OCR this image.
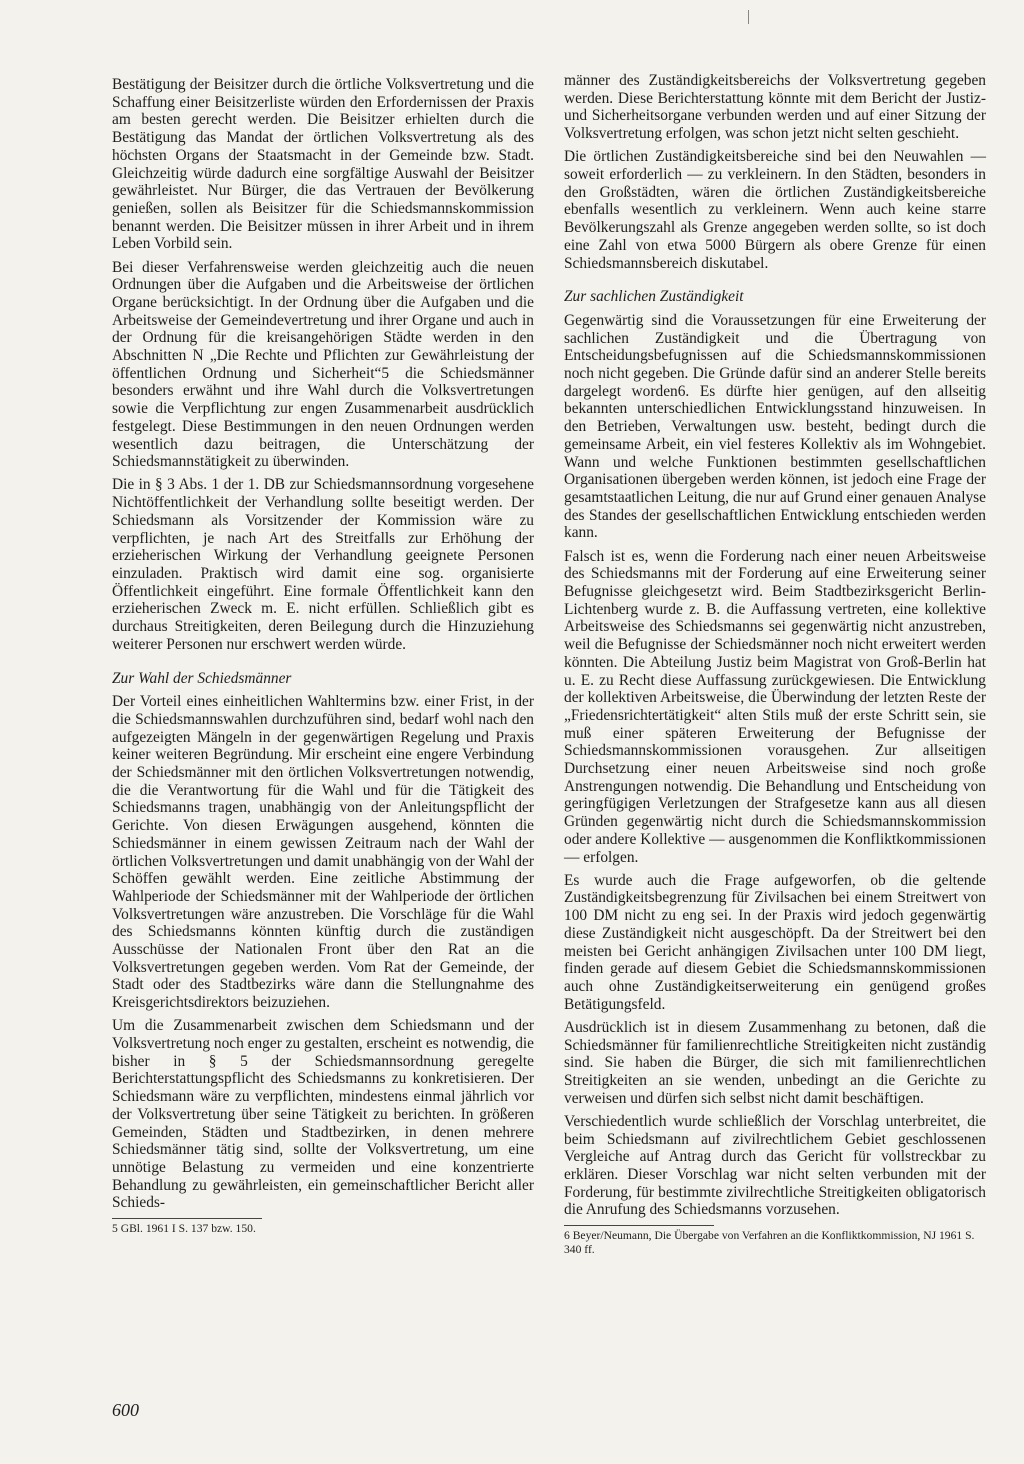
Bestätigung der Beisitzer durch die örtliche Volksvertretung und die Schaffung einer Beisitzerliste würden den Erfordernissen der Praxis am besten gerecht werden. Die Beisitzer erhielten durch die Bestätigung das Mandat der örtlichen Volksvertretung als des höchsten Organs der Staatsmacht in der Gemeinde bzw. Stadt. Gleichzeitig würde dadurch eine sorgfältige Auswahl der Beisitzer gewährleistet. Nur Bürger, die das Vertrauen der Bevölkerung genießen, sollen als Beisitzer für die Schiedsmannskommission benannt werden. Die Beisitzer müssen in ihrer Arbeit und in ihrem Leben Vorbild sein.

Bei dieser Verfahrensweise werden gleichzeitig auch die neuen Ordnungen über die Aufgaben und die Arbeitsweise der örtlichen Organe berücksichtigt. In der Ordnung über die Aufgaben und die Arbeitsweise der Gemeindevertretung und ihrer Organe und auch in der Ordnung für die kreisangehörigen Städte werden in den Abschnitten N „Die Rechte und Pflichten zur Gewährleistung der öffentlichen Ordnung und Sicherheit“5 die Schiedsmänner besonders erwähnt und ihre Wahl durch die Volksvertretungen sowie die Verpflichtung zur engen Zusammenarbeit ausdrücklich festgelegt. Diese Bestimmungen in den neuen Ordnungen werden wesentlich dazu beitragen, die Unterschätzung der Schiedsmannstätigkeit zu überwinden.

Die in § 3 Abs. 1 der 1. DB zur Schiedsmannsordnung vorgesehene Nichtöffentlichkeit der Verhandlung sollte beseitigt werden. Der Schiedsmann als Vorsitzender der Kommission wäre zu verpflichten, je nach Art des Streitfalls zur Erhöhung der erzieherischen Wirkung der Verhandlung geeignete Personen einzuladen. Praktisch wird damit eine sog. organisierte Öffentlichkeit eingeführt. Eine formale Öffentlichkeit kann den erzieherischen Zweck m. E. nicht erfüllen. Schließlich gibt es durchaus Streitigkeiten, deren Beilegung durch die Hinzuziehung weiterer Personen nur erschwert werden würde.

Zur Wahl der Schiedsmänner

Der Vorteil eines einheitlichen Wahltermins bzw. einer Frist, in der die Schiedsmannswahlen durchzuführen sind, bedarf wohl nach den aufgezeigten Mängeln in der gegenwärtigen Regelung und Praxis keiner weiteren Begründung. Mir erscheint eine engere Verbindung der Schiedsmänner mit den örtlichen Volksvertretungen notwendig, die die Verantwortung für die Wahl und für die Tätigkeit des Schiedsmanns tragen, unabhängig von der Anleitungspflicht der Gerichte. Von diesen Erwägungen ausgehend, könnten die Schiedsmänner in einem gewissen Zeitraum nach der Wahl der örtlichen Volksvertretungen und damit unabhängig von der Wahl der Schöffen gewählt werden. Eine zeitliche Abstimmung der Wahlperiode der Schiedsmänner mit der Wahlperiode der örtlichen Volksvertretungen wäre anzustreben. Die Vorschläge für die Wahl des Schiedsmanns könnten künftig durch die zuständigen Ausschüsse der Nationalen Front über den Rat an die Volksvertretungen gegeben werden. Vom Rat der Gemeinde, der Stadt oder des Stadtbezirks wäre dann die Stellungnahme des Kreisgerichtsdirektors beizuziehen.

Um die Zusammenarbeit zwischen dem Schiedsmann und der Volksvertretung noch enger zu gestalten, erscheint es notwendig, die bisher in § 5 der Schiedsmannsordnung geregelte Berichterstattungspflicht des Schiedsmanns zu konkretisieren. Der Schiedsmann wäre zu verpflichten, mindestens einmal jährlich vor der Volksvertretung über seine Tätigkeit zu berichten. In größeren Gemeinden, Städten und Stadtbezirken, in denen mehrere Schiedsmänner tätig sind, sollte der Volksvertretung, um eine unnötige Belastung zu vermeiden und eine konzentrierte Behandlung zu gewährleisten, ein gemeinschaftlicher Bericht aller Schieds-

5 GBl. 1961 I S. 137 bzw. 150.

männer des Zuständigkeitsbereichs der Volksvertretung gegeben werden. Diese Berichterstattung könnte mit dem Bericht der Justiz- und Sicherheitsorgane verbunden werden und auf einer Sitzung der Volksvertretung erfolgen, was schon jetzt nicht selten geschieht.

Die örtlichen Zuständigkeitsbereiche sind bei den Neuwahlen — soweit erforderlich — zu verkleinern. In den Städten, besonders in den Großstädten, wären die örtlichen Zuständigkeitsbereiche ebenfalls wesentlich zu verkleinern. Wenn auch keine starre Bevölkerungszahl als Grenze angegeben werden sollte, so ist doch eine Zahl von etwa 5000 Bürgern als obere Grenze für einen Schiedsmannsbereich diskutabel.

Zur sachlichen Zuständigkeit

Gegenwärtig sind die Voraussetzungen für eine Erweiterung der sachlichen Zuständigkeit und die Übertragung von Entscheidungsbefugnissen auf die Schiedsmannskommissionen noch nicht gegeben. Die Gründe dafür sind an anderer Stelle bereits dargelegt worden6. Es dürfte hier genügen, auf den allseitig bekannten unterschiedlichen Entwicklungsstand hinzuweisen. In den Betrieben, Verwaltungen usw. besteht, bedingt durch die gemeinsame Arbeit, ein viel festeres Kollektiv als im Wohngebiet. Wann und welche Funktionen bestimmten gesellschaftlichen Organisationen übergeben werden können, ist jedoch eine Frage der gesamtstaatlichen Leitung, die nur auf Grund einer genauen Analyse des Standes der gesellschaftlichen Entwicklung entschieden werden kann.

Falsch ist es, wenn die Forderung nach einer neuen Arbeitsweise des Schiedsmanns mit der Forderung auf eine Erweiterung seiner Befugnisse gleichgesetzt wird. Beim Stadtbezirksgericht Berlin-Lichtenberg wurde z. B. die Auffassung vertreten, eine kollektive Arbeitsweise des Schiedsmanns sei gegenwärtig nicht anzustreben, weil die Befugnisse der Schiedsmänner noch nicht erweitert werden könnten. Die Abteilung Justiz beim Magistrat von Groß-Berlin hat u. E. zu Recht diese Auffassung zurückgewiesen. Die Entwicklung der kollektiven Arbeitsweise, die Überwindung der letzten Reste der „Friedensrichtertätigkeit“ alten Stils muß der erste Schritt sein, sie muß einer späteren Erweiterung der Befugnisse der Schiedsmannskommissionen vorausgehen. Zur allseitigen Durchsetzung einer neuen Arbeitsweise sind noch große Anstrengungen notwendig. Die Behandlung und Entscheidung von geringfügigen Verletzungen der Strafgesetze kann aus all diesen Gründen gegenwärtig nicht durch die Schiedsmannskommission oder andere Kollektive — ausgenommen die Konfliktkommissionen — erfolgen.

Es wurde auch die Frage aufgeworfen, ob die geltende Zuständigkeitsbegrenzung für Zivilsachen bei einem Streitwert von 100 DM nicht zu eng sei. In der Praxis wird jedoch gegenwärtig diese Zuständigkeit nicht ausgeschöpft. Da der Streitwert bei den meisten bei Gericht anhängigen Zivilsachen unter 100 DM liegt, finden gerade auf diesem Gebiet die Schiedsmannskommissionen auch ohne Zuständigkeitserweiterung ein genügend großes Betätigungsfeld.

Ausdrücklich ist in diesem Zusammenhang zu betonen, daß die Schiedsmänner für familienrechtliche Streitigkeiten nicht zuständig sind. Sie haben die Bürger, die sich mit familienrechtlichen Streitigkeiten an sie wenden, unbedingt an die Gerichte zu verweisen und dürfen sich selbst nicht damit beschäftigen.

Verschiedentlich wurde schließlich der Vorschlag unterbreitet, die beim Schiedsmann auf zivilrechtlichem Gebiet geschlossenen Vergleiche auf Antrag durch das Gericht für vollstreckbar zu erklären. Dieser Vorschlag war nicht selten verbunden mit der Forderung, für bestimmte zivilrechtliche Streitigkeiten obligatorisch die Anrufung des Schiedsmanns vorzusehen.

6 Beyer/Neumann, Die Übergabe von Verfahren an die Konfliktkommission, NJ 1961 S. 340 ff.

600
